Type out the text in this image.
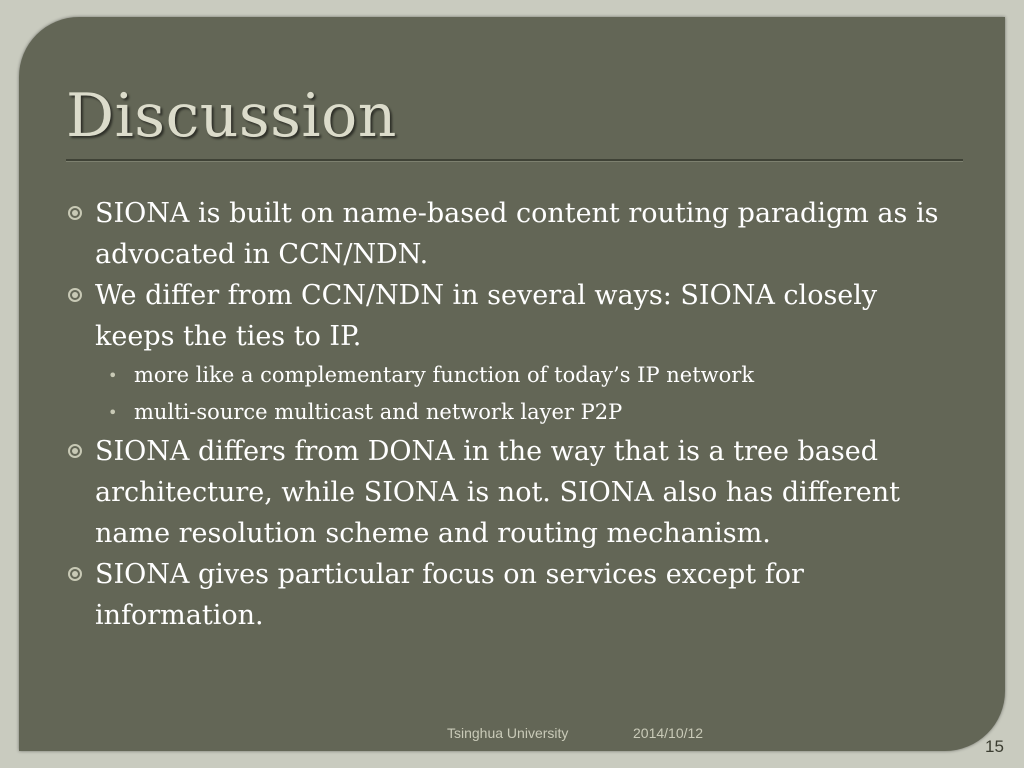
Discussion
SIONA is built on name-based content routing paradigm as is advocated in CCN/NDN.
We differ from CCN/NDN in several ways: SIONA closely keeps the ties to IP.
• more like a complementary function of today’s IP network
• multi-source multicast and network layer P2P
SIONA differs from DONA in the way that is a tree based architecture, while SIONA is not. SIONA also has different name resolution scheme and routing mechanism.
SIONA gives particular focus on services except for information.
Tsinghua University	2014/10/12
15
